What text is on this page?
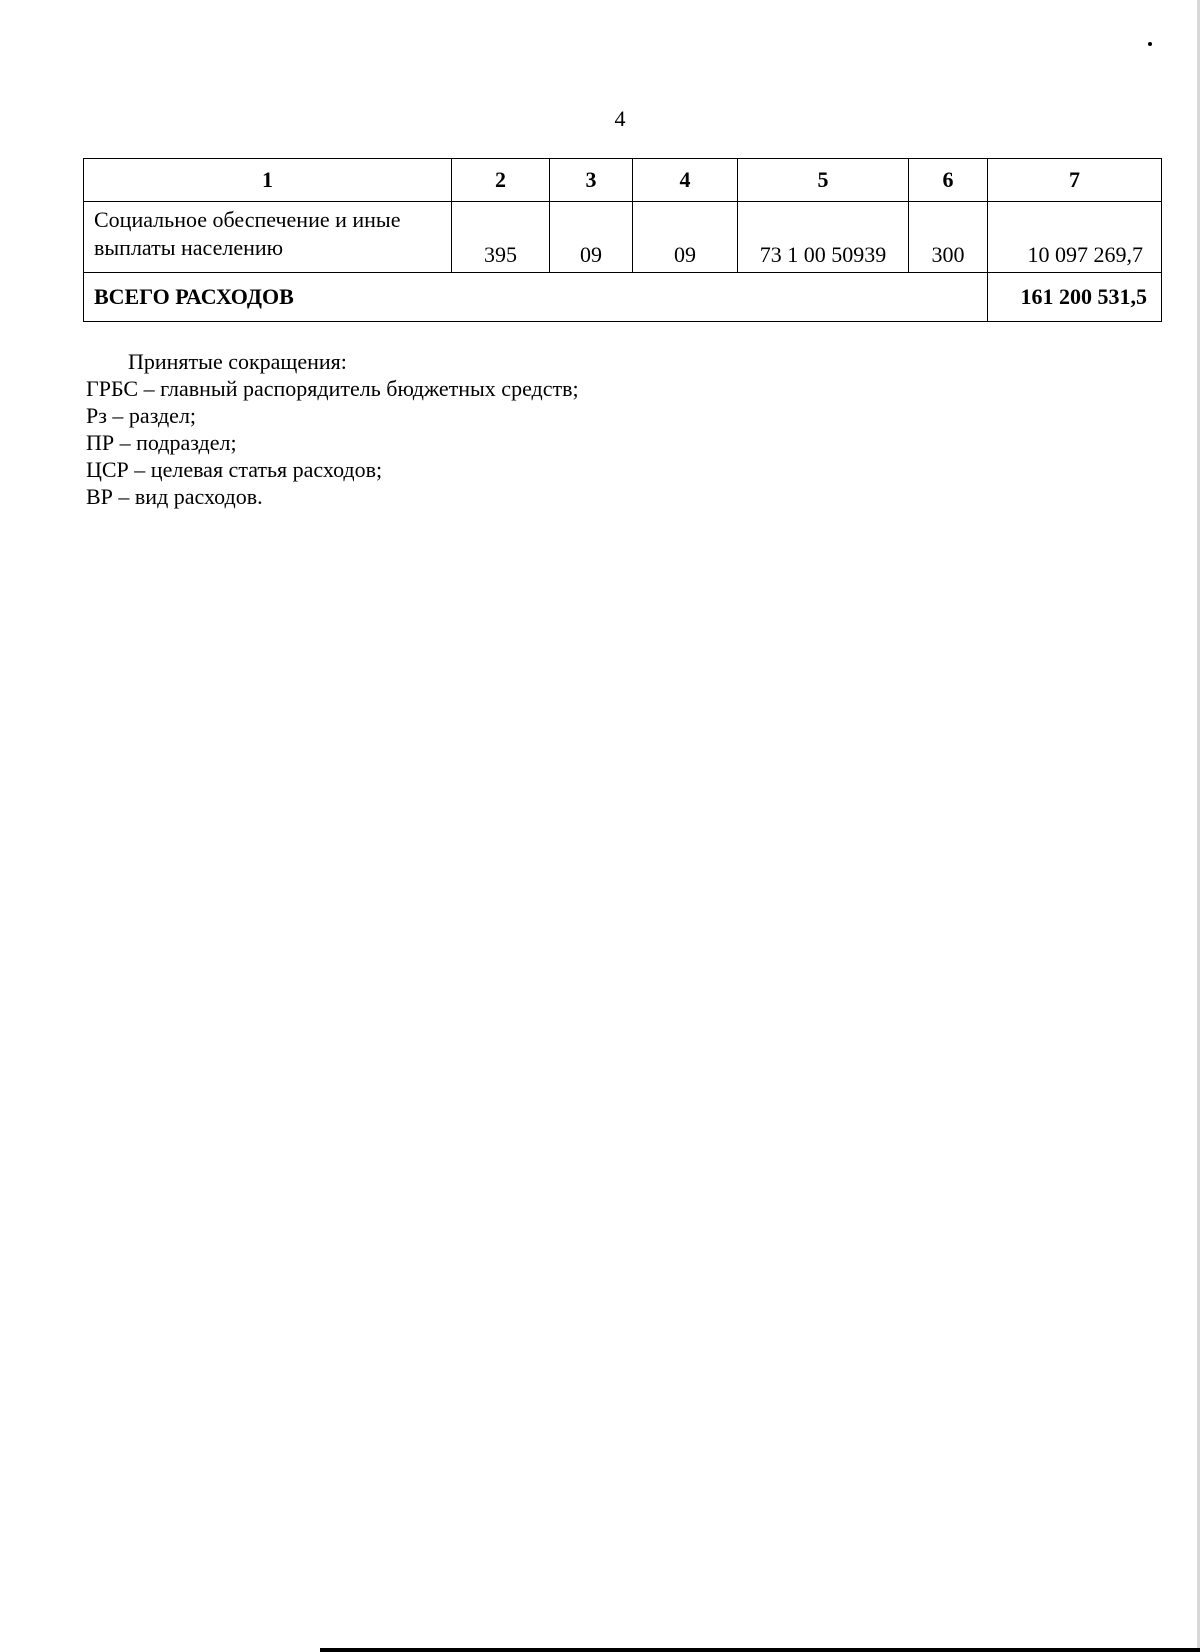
4
1	2	3	4	5	6	7

Социальное обеспечение и иные
выплаты населению	395	09	09	73 1 00 50939	300	10 097 269,7
ВСЕГО РАСХОДОВ						161 200 531,5
Принятые сокращения:
ГРБС – главный распорядитель бюджетных средств;
Рз – раздел;
ПР – подраздел;
ЦСР – целевая статья расходов;
ВР – вид расходов.
